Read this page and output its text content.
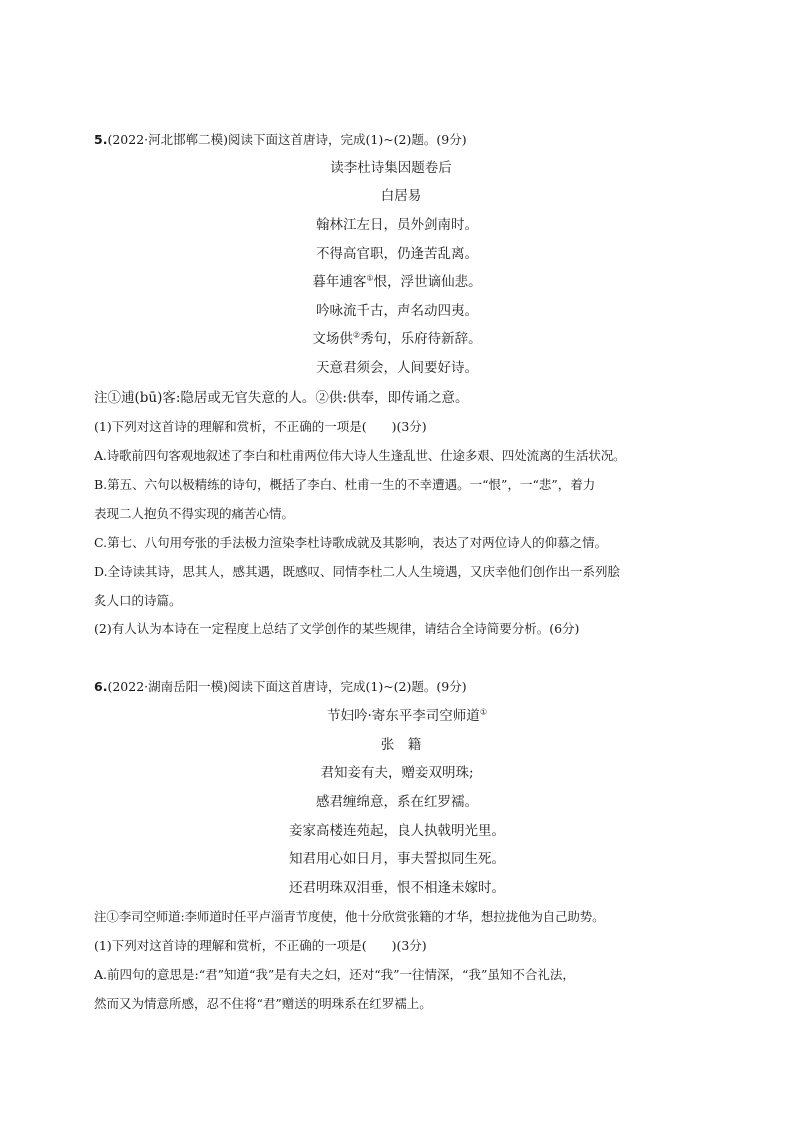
5.(2022·河北邯郸二模)阅读下面这首唐诗，完成(1)~(2)题。(9分)

读李杜诗集因题卷后

白居易

翰林江左日，员外剑南时。

不得高官职，仍逢苦乱离。

暮年逋客①恨，浮世谪仙悲。

吟咏流千古，声名动四夷。

文场供②秀句，乐府待新辞。

天意君须会，人间要好诗。

注①逋(bū)客:隐居或无官失意的人。②供:供奉，即传诵之意。

(1)下列对这首诗的理解和赏析，不正确的一项是(　　)(3分)

A.诗歌前四句客观地叙述了李白和杜甫两位伟大诗人生逢乱世、仕途多艰、四处流离的生活状况。

B.第五、六句以极精练的诗句，概括了李白、杜甫一生的不幸遭遇。一“恨”，一“悲”，着力

表现二人抱负不得实现的痛苦心情。

C.第七、八句用夸张的手法极力渲染李杜诗歌成就及其影响，表达了对两位诗人的仰慕之情。

D.全诗读其诗，思其人，感其遇，既感叹、同情李杜二人人生境遇，又庆幸他们创作出一系列脍

炙人口的诗篇。

(2)有人认为本诗在一定程度上总结了文学创作的某些规律，请结合全诗简要分析。(6分)

6.(2022·湖南岳阳一模)阅读下面这首唐诗，完成(1)~(2)题。(9分)

节妇吟·寄东平李司空师道①

张　籍

君知妾有夫，赠妾双明珠;

感君缠绵意，系在红罗襦。

妾家高楼连苑起，良人执戟明光里。

知君用心如日月，事夫誓拟同生死。

还君明珠双泪垂，恨不相逢未嫁时。

注①李司空师道:李师道时任平卢淄青节度使，他十分欣赏张籍的才华，想拉拢他为自己助势。

(1)下列对这首诗的理解和赏析，不正确的一项是(　　)(3分)

A.前四句的意思是:“君”知道“我”是有夫之妇，还对“我”一往情深，“我”虽知不合礼法，

然而又为情意所感，忍不住将“君”赠送的明珠系在红罗襦上。
